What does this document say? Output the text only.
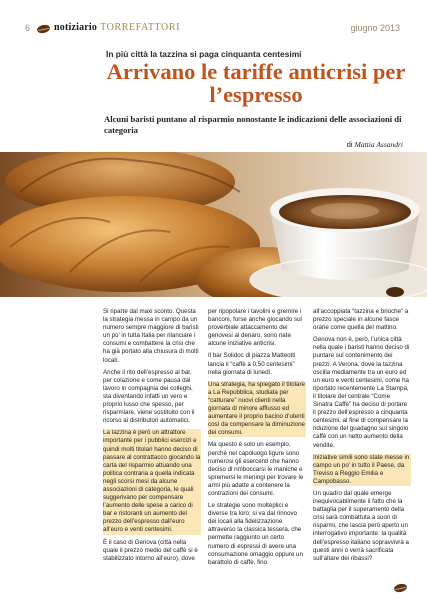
6 notiziario TORREFATTORI	giugno 2013
In più città la tazzina si paga cinquanta centesimi
Arrivano le tariffe anticrisi per l’espresso
Alcuni baristi puntano al risparmio nonostante le indicazioni delle associazioni di categoria
di Mattia Assandri

Si riparte dal maxi sconto. Questa la strategia messa in campo da un numero sempre maggiore di baristi un po’ in tutta Italia per rilanciare i consumi e combattere la crisi che ha già portato alla chiusura di molti locali.

Anche il rito dell’espresso al bar, per colazione e come pausa dal lavoro in compagnia dei colleghi, sta diventando infatti un vero e proprio lusso che spesso, per risparmiare, viene sostituito con il ricorso ai distributori automatici.

La tazzina è però un attrattore importante per i pubblici esercizi e quindi molti titolari hanno deciso di passare al contrattacco giocando la carta del risparmio attuando una politica contraria a quella indicata negli scorsi mesi da alcune associazioni di categoria, le quali suggerivano per compensare l’aumento delle spese a carico di bar e ristoranti un aumento del prezzo dell’espresso dall’euro all’euro e venti centesimi.

È il caso di Genova (città nella quale il prezzo medio del caffè si è stabilizzato intorno all’euro), dove

per ripopolare i tavolini e gremire i banconi, forse anche giocando sul proverbiale attaccamento dei genovesi al denaro, sono nate alcune iniziative anticrisi.

Il bar Solidoc di piazza Matteotti lancia il “caffè a 0,50 centesimi” nella giornata di lunedì.

Una strategia, ha spiegato il titolare a La Repubblica, studiata per “catturare” nuovi clienti nella giornata di minore afflusso ed aumentare il proprio bacino d’utenti così da compensare la diminuzione dei consumi.

Ma questo è solo un esempio, perché nel capoluogo ligure sono numerosi gli esercenti che hanno deciso di rimboccarsi le maniche e spremersi le meningi per trovare le armi più adatte a contenere la contrazioni dei consumi.

Le strategie sono molteplici e diverse tra loro: si va dal rinnovo dei locali alla fidelizzazione attraverso la classica tessera, che permette raggiunto un certo numero di espressi di avere una consumazione omaggio oppure un barattolo di caffè, fino

all’accoppiata “tazzina e brioche” a prezzo speciale in alcune fasce orarie come quella del mattino.

Genova non è, però, l’unica città nella quale i baristi hanno deciso di puntare sul contenimento dei prezzi. A Verona, dove la tazzina oscilla mediamente tra un euro ed un euro e venti centesimi, come ha riportato recentemente La Stampa, il titolare del centrale “Come Sinatra Caffè” ha deciso di portare il prezzo dell’espresso a cinquanta centesimi, al fine di compensare la riduzione del guadagno sul singolo caffè con un netto aumento della vendite.

Iniziative simili sono state messe in campo un po’ in tutto il Paese, da Treviso a Reggio Emilia e Campobasso.

Un quadro dal quale emerge inequivocabilmente il fatto che la battaglia per il superamento della crisi sarà combattuta a suon di risparmi, che lascia però aperto un interrogativo importante: la qualità dell’espresso italiano sopravvivrà a questi anni o verrà sacrificata sull’altare dei ribassi?
